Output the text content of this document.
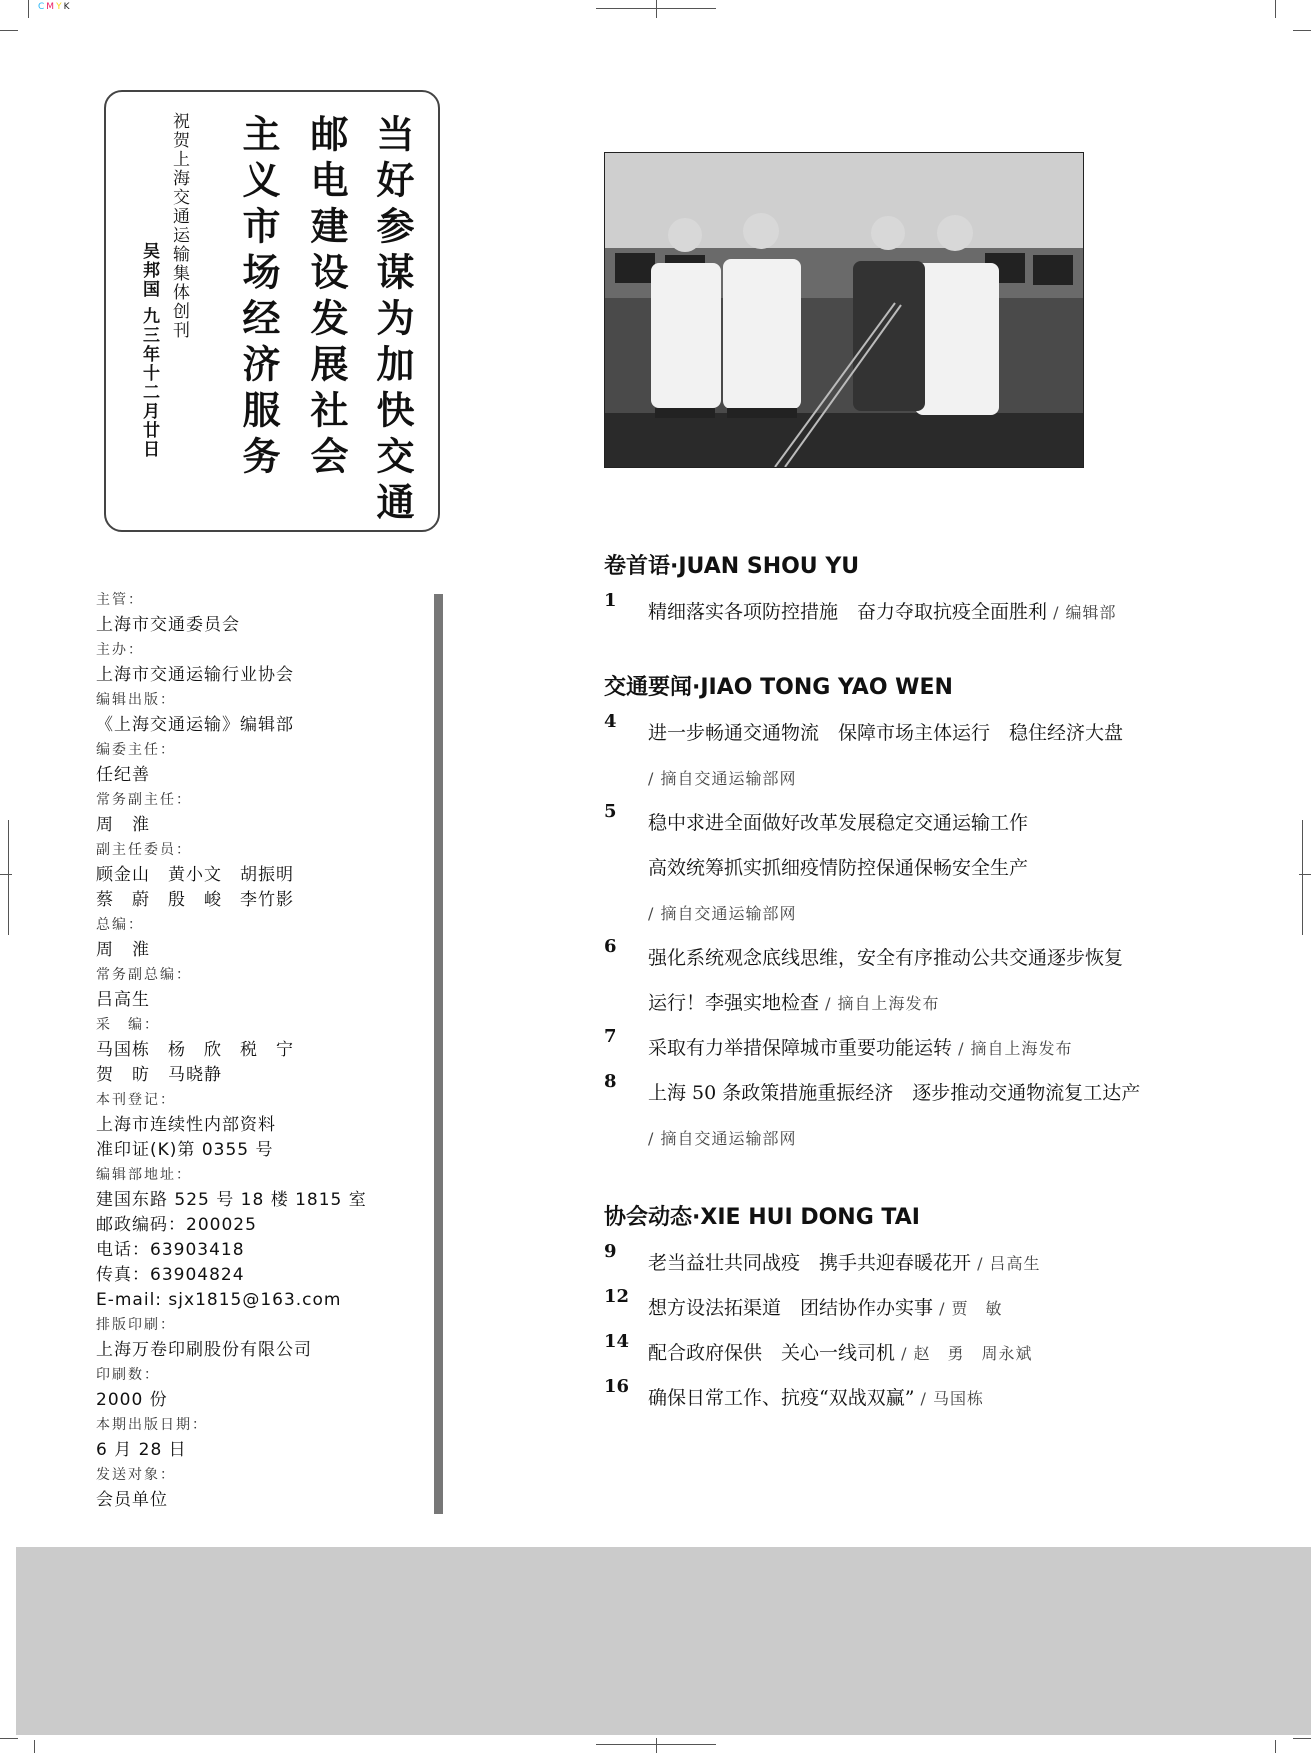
CMYK
当好参谋为加快交通
邮电建设发展社会
主义市场经济服务
祝贺上海交通运输集体创刊
吴邦国 九三年十二月廿日
主管：
上海市交通委员会
主办：
上海市交通运输行业协会
编辑出版：
《上海交通运输》编辑部
编委主任：
任纪善
常务副主任：
周　淮
副主任委员：
顾金山　黄小文　胡振明
蔡　蔚　殷　峻　李竹影
总编：
周　淮
常务副总编：
吕高生
采　编：
马国栋　杨　欣　税　宁
贺　昉　马晓静
本刊登记：
上海市连续性内部资料
准印证(K)第 0355 号
编辑部地址：
建国东路 525 号 18 楼 1815 室
邮政编码：200025
电话：63903418
传真：63904824
E-mail: sjx1815@163.com
排版印刷：
上海万卷印刷股份有限公司
印刷数：
2000 份
本期出版日期：
6 月 28 日
发送对象：
会员单位
卷首语·JUAN SHOU YU
1
精细落实各项防控措施　奋力夺取抗疫全面胜利 / 编辑部
交通要闻·JIAO TONG YAO WEN
4
进一步畅通交通物流　保障市场主体运行　稳住经济大盘
/ 摘自交通运输部网
5
稳中求进全面做好改革发展稳定交通运输工作
高效统筹抓实抓细疫情防控保通保畅安全生产
/ 摘自交通运输部网
6
强化系统观念底线思维，安全有序推动公共交通逐步恢复
运行！李强实地检查 / 摘自上海发布
7
采取有力举措保障城市重要功能运转 / 摘自上海发布
8
上海 50 条政策措施重振经济　逐步推动交通物流复工达产
/ 摘自交通运输部网
协会动态·XIE HUI DONG TAI
9
老当益壮共同战疫　携手共迎春暖花开 / 吕高生
12
想方设法拓渠道　团结协作办实事 / 贾　敏
14
配合政府保供　关心一线司机 / 赵　勇　周永斌
16
确保日常工作、抗疫“双战双赢” / 马国栋
